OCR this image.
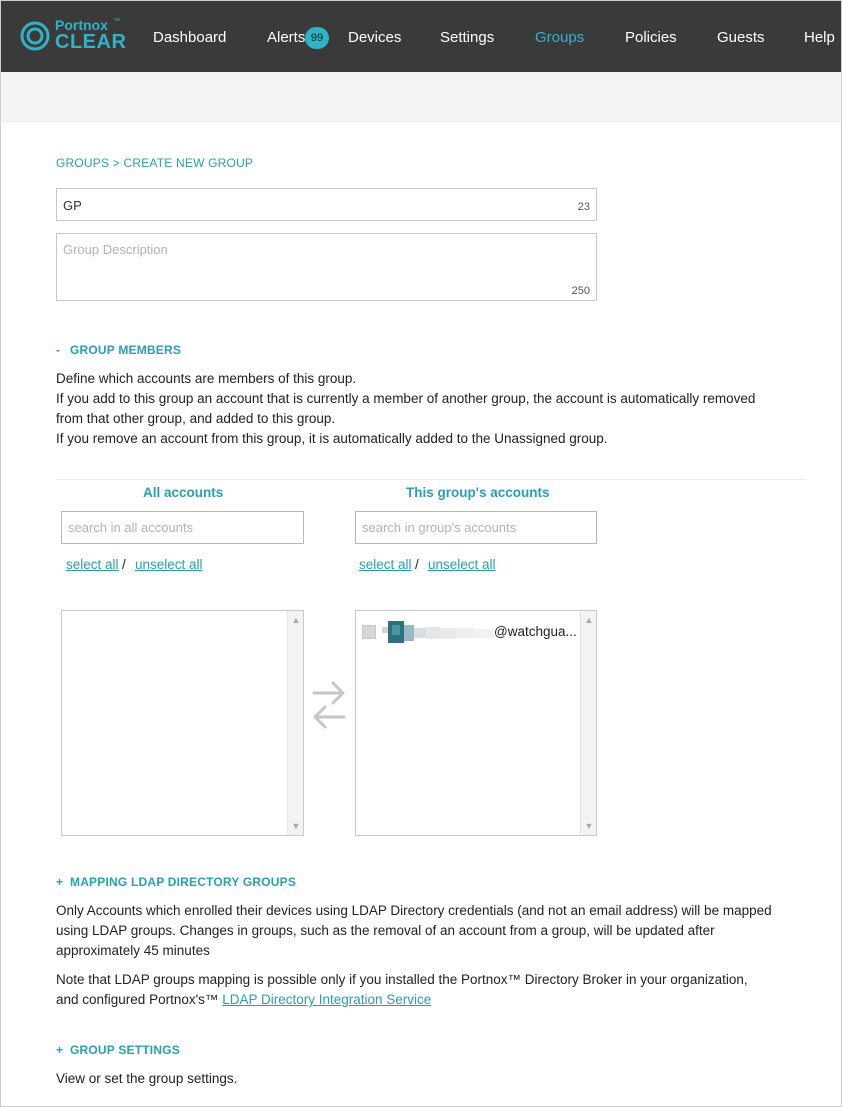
Portnox ™
CLEAR Dashboard	Alerts 99	Devices	Settings	Groups	Policies	Guests	Help
GROUPS > CREATE NEW GROUP
GP	23
Group Description
250
- GROUP MEMBERS
Define which accounts are members of this group.
If you add to this group an account that is currently a member of another group, the account is automatically removed
from that other group, and added to this group.
If you remove an account from this group, it is automatically added to the Unassigned group.
All accounts
search in all accounts
select all / unselect all
▲
▼
This group's accounts
search in group's accounts
select all / unselect all
@watchgua...
▲
▼
+ MAPPING LDAP DIRECTORY GROUPS
Only Accounts which enrolled their devices using LDAP Directory credentials (and not an email address) will be mapped
using LDAP groups. Changes in groups, such as the removal of an account from a group, will be updated after
approximately 45 minutes
Note that LDAP groups mapping is possible only if you installed the Portnox™ Directory Broker in your organization,
and configured Portnox's™ LDAP Directory Integration Service
+ GROUP SETTINGS
View or set the group settings.
